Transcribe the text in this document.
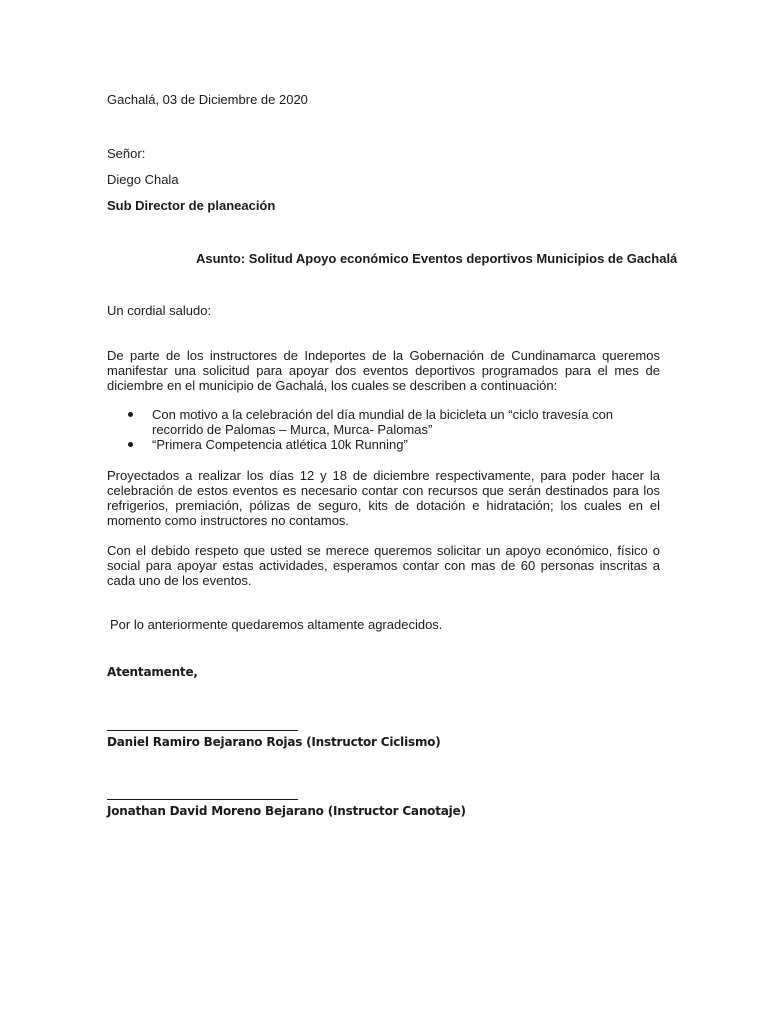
Gachalá, 03 de Diciembre de 2020
Señor:
Diego Chala
Sub Director de planeación
Asunto: Solitud Apoyo económico Eventos deportivos Municipios de Gachalá
Un cordial saludo:
De parte de los instructores de Indeportes de la Gobernación de Cundinamarca queremos manifestar una solicitud para apoyar dos eventos deportivos programados para el mes de diciembre en el municipio de Gachalá, los cuales se describen a continuación:
Con motivo a la celebración del día mundial de la bicicleta un “ciclo travesía con recorrido de Palomas – Murca, Murca- Palomas”
“Primera Competencia atlética 10k Running”
Proyectados a realizar los días 12 y 18 de diciembre respectivamente, para poder hacer la celebración de estos eventos es necesario contar con recursos que serán destinados para los refrigerios, premiación, pólizas de seguro, kits de dotación e hidratación; los cuales en el momento como instructores no contamos.
Con el debido respeto que usted se merece queremos solicitar un apoyo económico, físico o social para apoyar estas actividades, esperamos contar con mas de 60 personas inscritas a cada uno de los eventos.
Por lo anteriormente quedaremos altamente agradecidos.
Atentamente,
Daniel Ramiro Bejarano Rojas (Instructor Ciclismo)
Jonathan David Moreno Bejarano (Instructor Canotaje)
